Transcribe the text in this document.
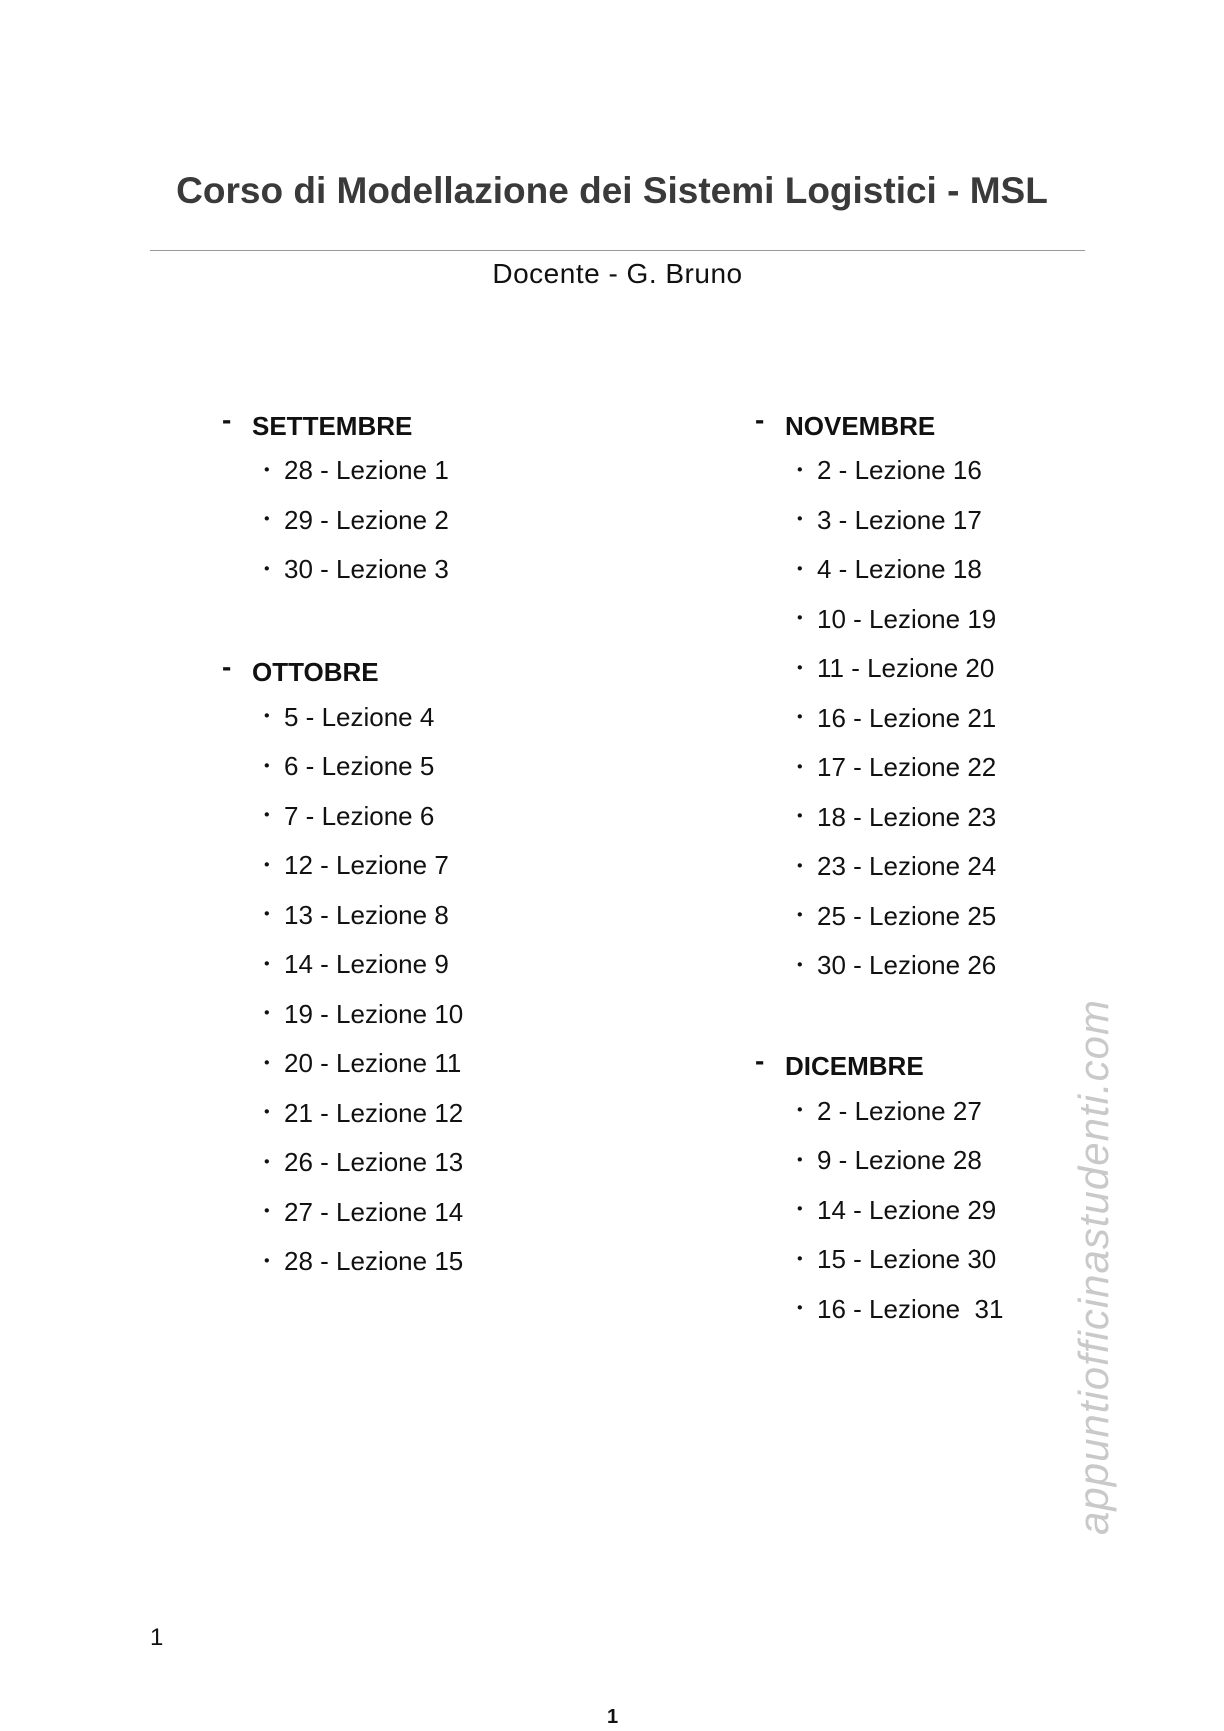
Corso di Modellazione dei Sistemi Logistici - MSL
Docente - G. Bruno
- SETTEMBRE
• 28 - Lezione 1
• 29 - Lezione 2
• 30 - Lezione 3
- OTTOBRE
• 5 - Lezione 4
• 6 - Lezione 5
• 7 - Lezione 6
• 12 - Lezione 7
• 13 - Lezione 8
• 14 - Lezione 9
• 19 - Lezione 10
• 20 - Lezione 11
• 21 - Lezione 12
• 26 - Lezione 13
• 27 - Lezione 14
• 28 - Lezione 15
- NOVEMBRE
• 2 - Lezione 16
• 3 - Lezione 17
• 4 - Lezione 18
• 10 - Lezione 19
• 11 - Lezione 20
• 16 - Lezione 21
• 17 - Lezione 22
• 18 - Lezione 23
• 23 - Lezione 24
• 25 - Lezione 25
• 30 - Lezione 26
- DICEMBRE
• 2 - Lezione 27
• 9 - Lezione 28
• 14 - Lezione 29
• 15 - Lezione 30
• 16 - Lezione  31 appuntiofficinastudenti.com
1
1
